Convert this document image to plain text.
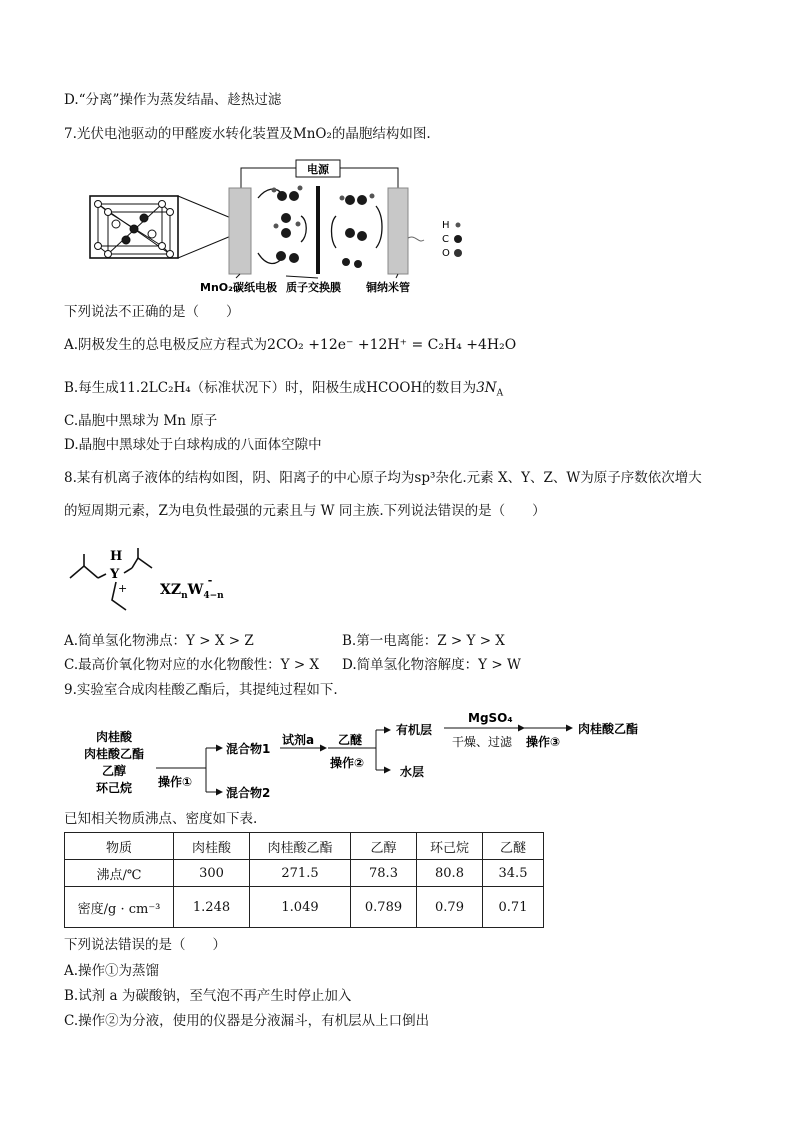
D.“分离”操作为蒸发结晶、趁热过滤
7.光伏电池驱动的甲醛废水转化装置及MnO₂的晶胞结构如图.
电源
H
C
O
MnO₂碳纸电极 质子交换膜 铜纳米管
下列说法不正确的是（　　）
A.阴极发生的总电极反应方程式为2CO₂ +12e⁻ +12H⁺ = C₂H₄ +4H₂O
B.每生成11.2LC₂H₄（标准状况下）时，阳极生成HCOOH的数目为$3N_A$
C.晶胞中黑球为 Mn 原子
D.晶胞中黑球处于白球构成的八面体空隙中
8.某有机离子液体的结构如图，阴、阳离子的中心原子均为sp³杂化.元素 X、Y、Z、W为原子序数依次增大
的短周期元素，Z为电负性最强的元素且与 W 同主族.下列说法错误的是（　　）
H
Y
+ $XZ_nW_{4-n}-$
A.简单氢化物沸点：Y > X > Z	B.第一电离能：Z > Y > X
C.最高价氧化物对应的水化物酸性：Y > X D.简单氢化物溶解度：Y > W
9.实验室合成肉桂酸乙酯后，其提纯过程如下.
肉桂酸
肉桂酸乙酯
乙醇
环己烷 操作①
混合物1
混合物2
试剂a 乙醚
操作②
有机层
水层
MgSO₄
干燥、过滤 操作③
肉桂酸乙酯
已知相关物质沸点、密度如下表.
物质	肉桂酸	肉桂酸乙酯	乙醇	环己烷	乙醚
沸点/℃	300	271.5	78.3	80.8	34.5
密度/g · cm⁻³	1.248	1.049	0.789	0.79	0.71
下列说法错误的是（　　）
A.操作①为蒸馏
B.试剂 a 为碳酸钠，至气泡不再产生时停止加入
C.操作②为分液，使用的仪器是分液漏斗，有机层从上口倒出
